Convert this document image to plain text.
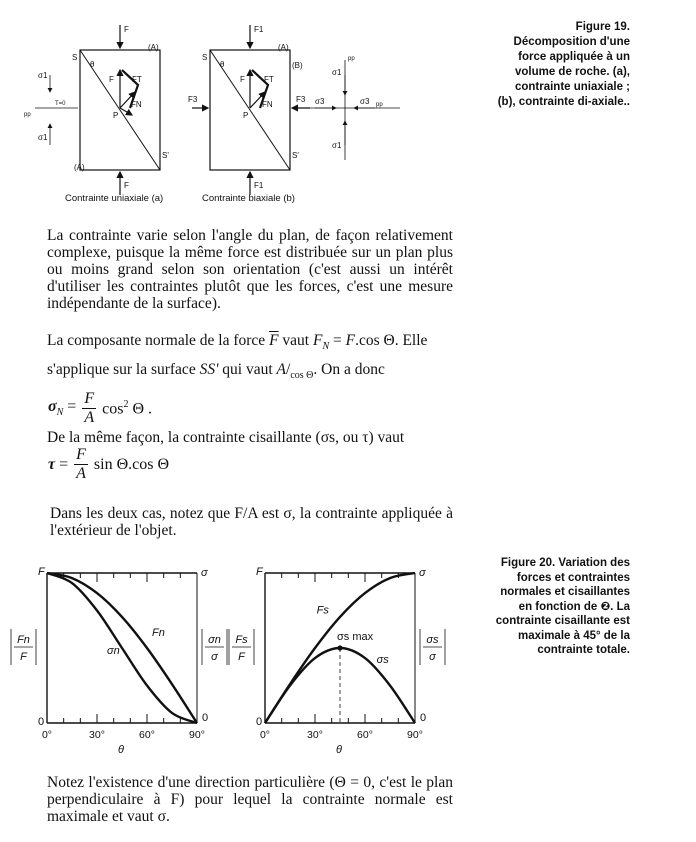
F
(A)
S
θ
F FT
FN
P
S'
(A)
F
σ1
σ1
T=0
pp
F1
(A)
(B)
S
θ
F FT
FN
P
S'
F1
F3	F3 σ3	σ3
σ1
σ1
pp
pp
Contrainte uniaxiale (a)	Contrainte biaxiale (b)
Figure 19.
Décomposition d'une
force appliquée à un
volume de roche. (a),
contrainte uniaxiale ;
(b), contrainte di-axiale..
La contrainte varie selon l'angle du plan, de façon relativement complexe, puisque la même force est distribuée sur un plan plus ou moins grand selon son orientation (c'est aussi un intérêt d'utiliser les contraintes plutôt que les forces, c'est une mesure indépendante de la surface).
La composante normale de la force $\overline{F}$ vaut $F_N = F.\cos$ Θ. Elle
s'applique sur la surface SS' qui vaut $A/_{cos \Theta}$. On a donc
$\sigma_N = \frac{F}{A} \cos^2 \Theta$ .
De la même façon, la contrainte cisaillante (σs, ou τ) vaut
$\tau = \frac{F}{A}$ sin Θ.cos Θ
Dans les deux cas, notez que F/A est σ, la contrainte appliquée à l'extérieur de l'objet.
0°	30°	60°	90°
θ
F
0
σ
0
Fn
F
σn
σ
Fn
σn
0°	30°	60°	90°
θ
F
0
σ
0
Fs
F
σs
σ
Fs
σs
σs max
Figure 20. Variation des
forces et contraintes
normales et cisaillantes
en fonction de ❷. La
contrainte cisaillante est
maximale à 45° de la
contrainte totale.
Notez l'existence d'une direction particulière (Θ = 0, c'est le plan perpendiculaire à F) pour lequel la contrainte normale est maximale et vaut σ.
